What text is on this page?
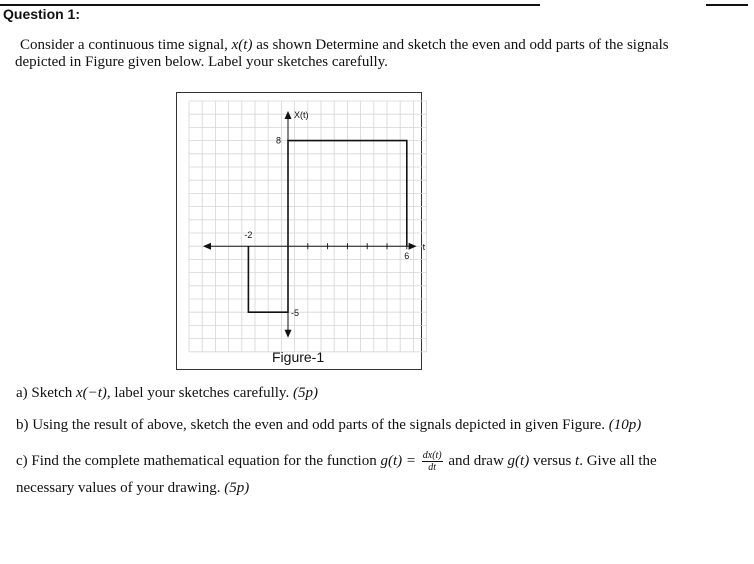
Question 1:
Consider a continuous time signal, x(t) as shown Determine and sketch the even and odd parts of the signals
depicted in Figure given below. Label your sketches carefully.
X(t)
t
8
-5
-2
6
Figure-1
a) Sketch x(−t), label your sketches carefully. (5p)
b) Using the result of above, sketch the even and odd parts of the signals depicted in given Figure. (10p)
c) Find the complete mathematical equation for the function $g(t) = \frac{dx(t)}{dt}$ and draw g(t) versus t. Give all the
necessary values of your drawing. (5p)
